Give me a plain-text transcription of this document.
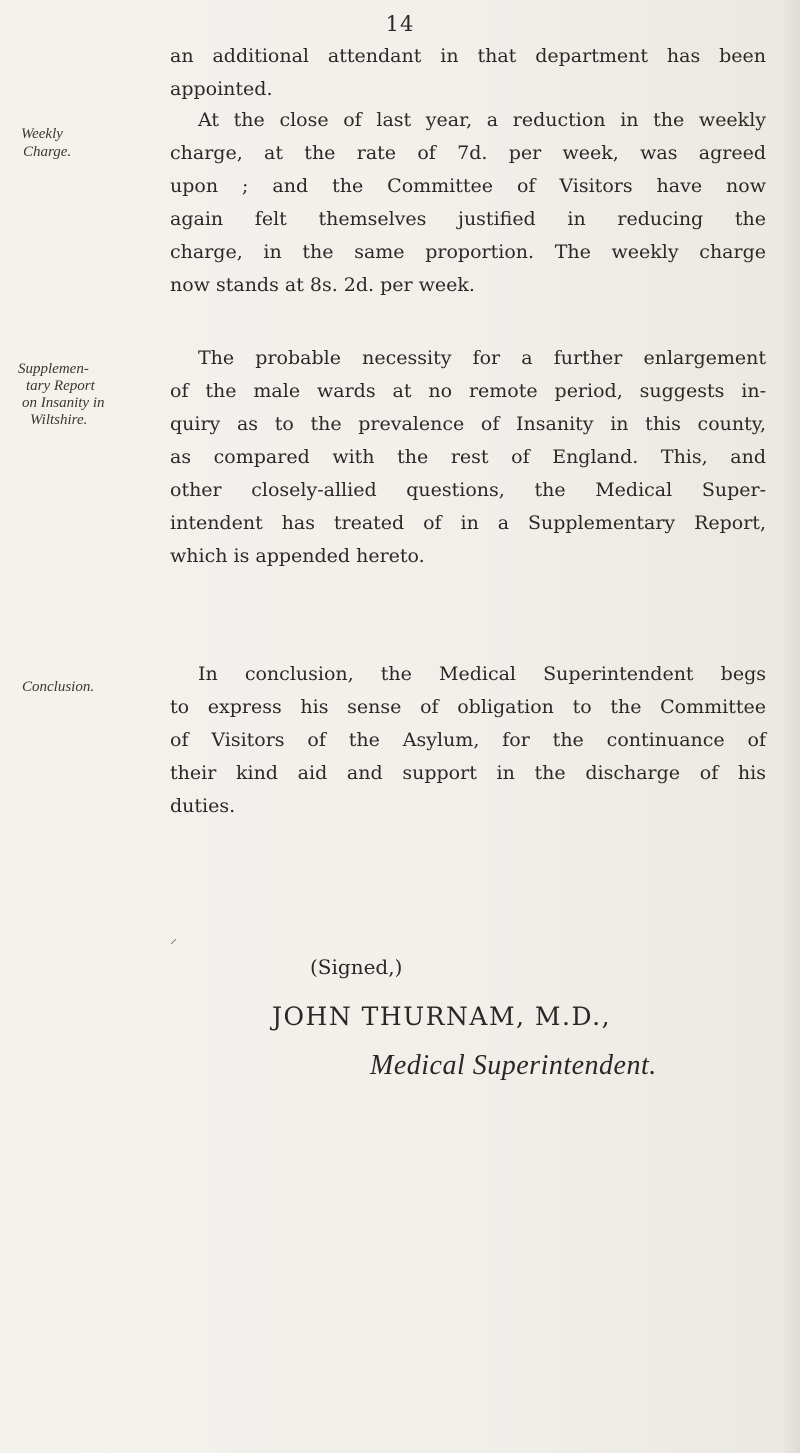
14
an additional attendant in that department has been
appointed.
Weekly
Charge.
At the close of last year, a reduction in the weekly
charge, at the rate of 7d. per week, was agreed
upon ; and the Committee of Visitors have now
again felt themselves justified in reducing the
charge, in the same proportion. The weekly charge
now stands at 8s. 2d. per week.
Supplemen-
tary Report
on Insanity in
Wiltshire.
The probable necessity for a further enlargement
of the male wards at no remote period, suggests in-
quiry as to the prevalence of Insanity in this county,
as compared with the rest of England. This, and
other closely-allied questions, the Medical Super-
intendent has treated of in a Supplementary Report,
which is appended hereto.
Conclusion.
In conclusion, the Medical Superintendent begs
to express his sense of obligation to the Committee
of Visitors of the Asylum, for the continuance of
their kind aid and support in the discharge of his
duties.
⸍
(Signed,)
JOHN THURNAM, M.D.,
Medical Superintendent.
